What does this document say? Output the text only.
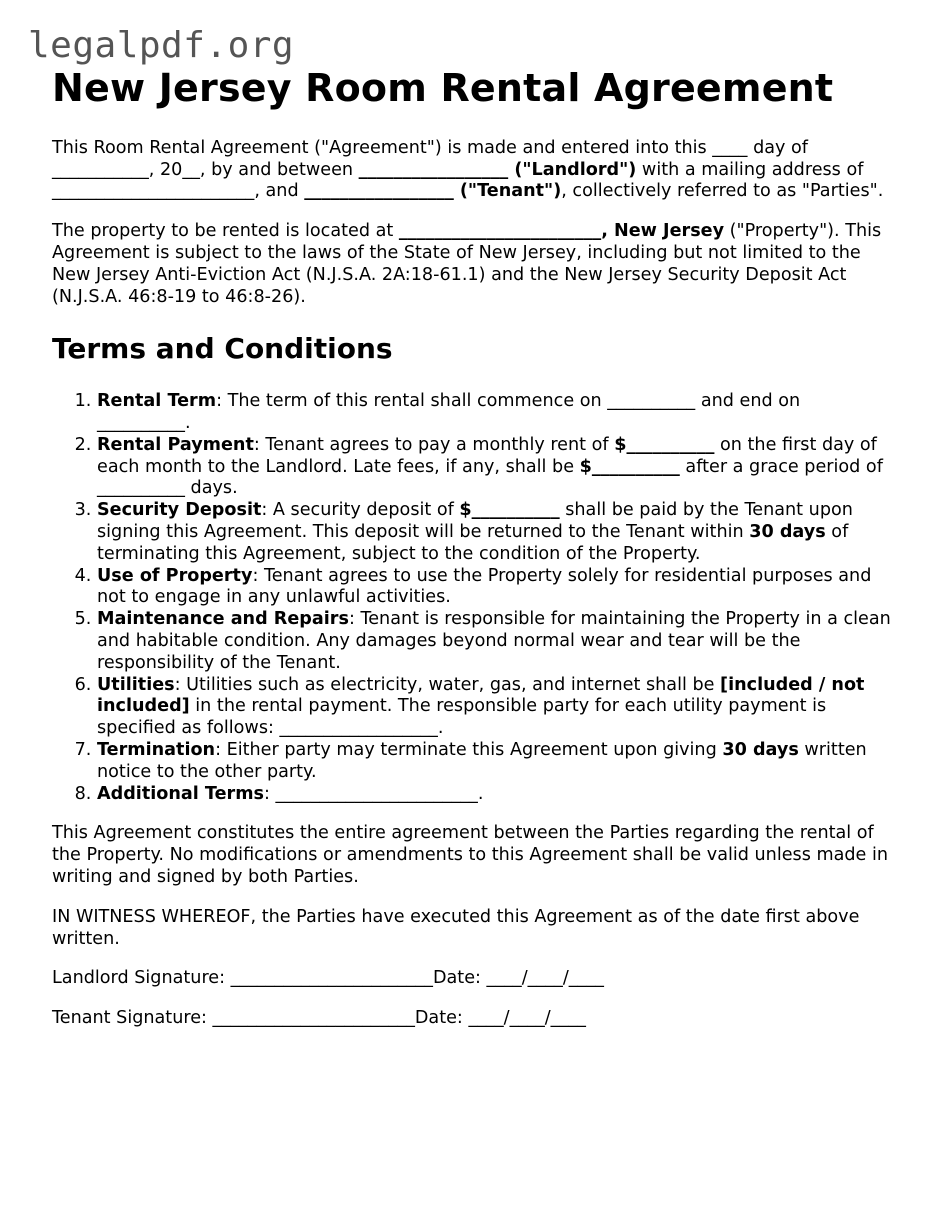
legalpdf.org
New Jersey Room Rental Agreement

This Room Rental Agreement ("Agreement") is made and entered into this ____ day of ___________, 20__, by and between _________________ ("Landlord") with a mailing address of _______________________, and _________________ ("Tenant"), collectively referred to as "Parties".

The property to be rented is located at _______________________, New Jersey ("Property"). This Agreement is subject to the laws of the State of New Jersey, including but not limited to the New Jersey Anti-Eviction Act (N.J.S.A. 2A:18-61.1) and the New Jersey Security Deposit Act (N.J.S.A. 46:8-19 to 46:8-26).

Terms and Conditions
1. Rental Term: The term of this rental shall commence on __________ and end on __________.
2. Rental Payment: Tenant agrees to pay a monthly rent of $__________ on the first day of each month to the Landlord. Late fees, if any, shall be $__________ after a grace period of __________ days.
3. Security Deposit: A security deposit of $__________ shall be paid by the Tenant upon signing this Agreement. This deposit will be returned to the Tenant within 30 days of terminating this Agreement, subject to the condition of the Property.
4. Use of Property: Tenant agrees to use the Property solely for residential purposes and not to engage in any unlawful activities.
5. Maintenance and Repairs: Tenant is responsible for maintaining the Property in a clean and habitable condition. Any damages beyond normal wear and tear will be the responsibility of the Tenant.
6. Utilities: Utilities such as electricity, water, gas, and internet shall be [included / not included] in the rental payment. The responsible party for each utility payment is specified as follows: __________________.
7. Termination: Either party may terminate this Agreement upon giving 30 days written notice to the other party.
8. Additional Terms: _______________________.

This Agreement constitutes the entire agreement between the Parties regarding the rental of the Property. No modifications or amendments to this Agreement shall be valid unless made in writing and signed by both Parties.

IN WITNESS WHEREOF, the Parties have executed this Agreement as of the date first above written.

Landlord Signature: _______________________Date: ____/____/____

Tenant Signature: _______________________Date: ____/____/____
